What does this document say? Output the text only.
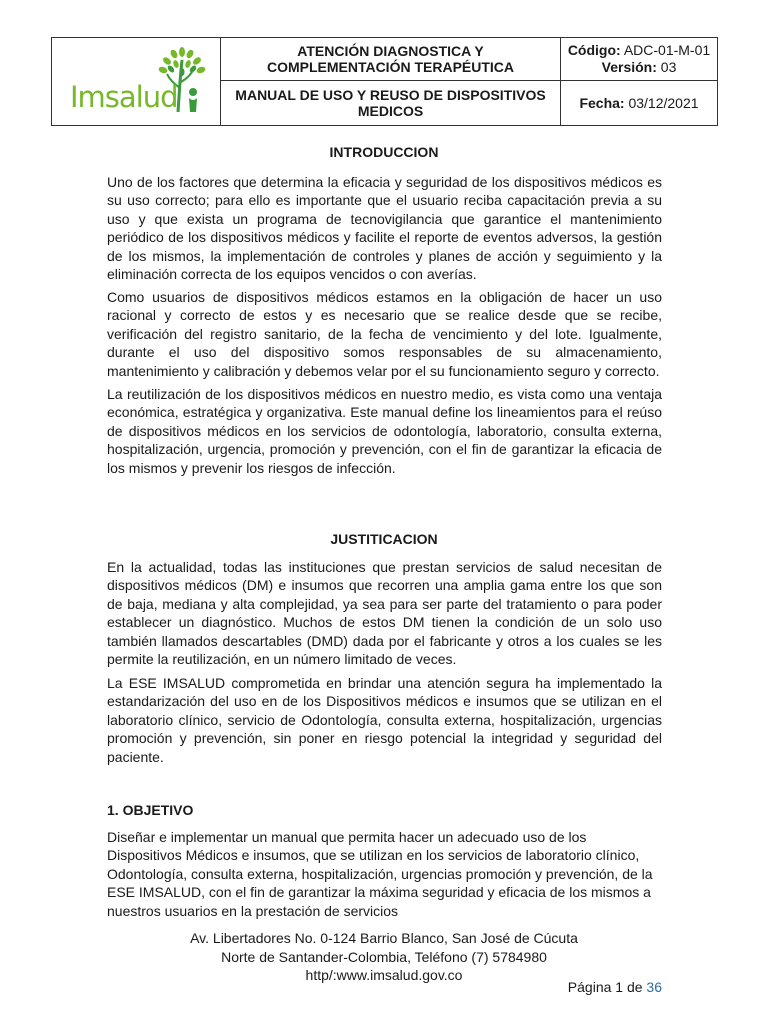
Imsalud
ATENCIÓN DIAGNOSTICA Y
COMPLEMENTACIÓN TERAPÉUTICA
Código: ADC-01-M-01
Versión: 03
MANUAL DE USO Y REUSO DE DISPOSITIVOS
MEDICOS	Fecha:
03/12/2021
INTRODUCCION
Uno de los factores que determina la eficacia y seguridad de los dispositivos médicos es su uso correcto; para ello es importante que el usuario reciba capacitación previa a su uso y que exista un programa de tecnovigilancia que garantice el mantenimiento periódico de los dispositivos médicos y facilite el reporte de eventos adversos, la gestión de los mismos, la implementación de controles y planes de acción y seguimiento y la eliminación correcta de los equipos vencidos o con averías.
Como usuarios de dispositivos médicos estamos en la obligación de hacer un uso racional y correcto de estos y es necesario que se realice desde que se recibe, verificación del registro sanitario, de la fecha de vencimiento y del lote. Igualmente, durante el uso del dispositivo somos responsables de su almacenamiento, mantenimiento y calibración y debemos velar por el su funcionamiento seguro y correcto.
La reutilización de los dispositivos médicos en nuestro medio, es vista como una ventaja económica, estratégica y organizativa. Este manual define los lineamientos para el reúso de dispositivos médicos en los servicios de odontología, laboratorio, consulta externa, hospitalización, urgencia, promoción y prevención, con el fin de garantizar la eficacia de los mismos y prevenir los riesgos de infección.
JUSTITICACION
En la actualidad, todas las instituciones que prestan servicios de salud necesitan de dispositivos médicos (DM) e insumos que recorren una amplia gama entre los que son de baja, mediana y alta complejidad, ya sea para ser parte del tratamiento o para poder establecer un diagnóstico. Muchos de estos DM tienen la condición de un solo uso también llamados descartables (DMD) dada por el fabricante y otros a los cuales se les permite la reutilización, en un número limitado de veces.
La ESE IMSALUD comprometida en brindar una atención segura ha implementado la estandarización del uso en de los Dispositivos médicos e insumos que se utilizan en el laboratorio clínico, servicio de Odontología, consulta externa, hospitalización, urgencias promoción y prevención, sin poner en riesgo potencial la integridad y seguridad del paciente.
1. OBJETIVO
Diseñar e implementar un manual que permita hacer un adecuado uso de los Dispositivos Médicos e insumos, que se utilizan en los servicios de laboratorio clínico, Odontología, consulta externa, hospitalización, urgencias promoción y prevención, de la ESE IMSALUD, con el fin de garantizar la máxima seguridad y eficacia de los mismos a nuestros usuarios en la prestación de servicios
Av. Libertadores No. 0-124 Barrio Blanco, San José de Cúcuta
Norte de Santander-Colombia, Teléfono (7) 5784980
http/:www.imsalud.gov.co
Página 1 de 36
